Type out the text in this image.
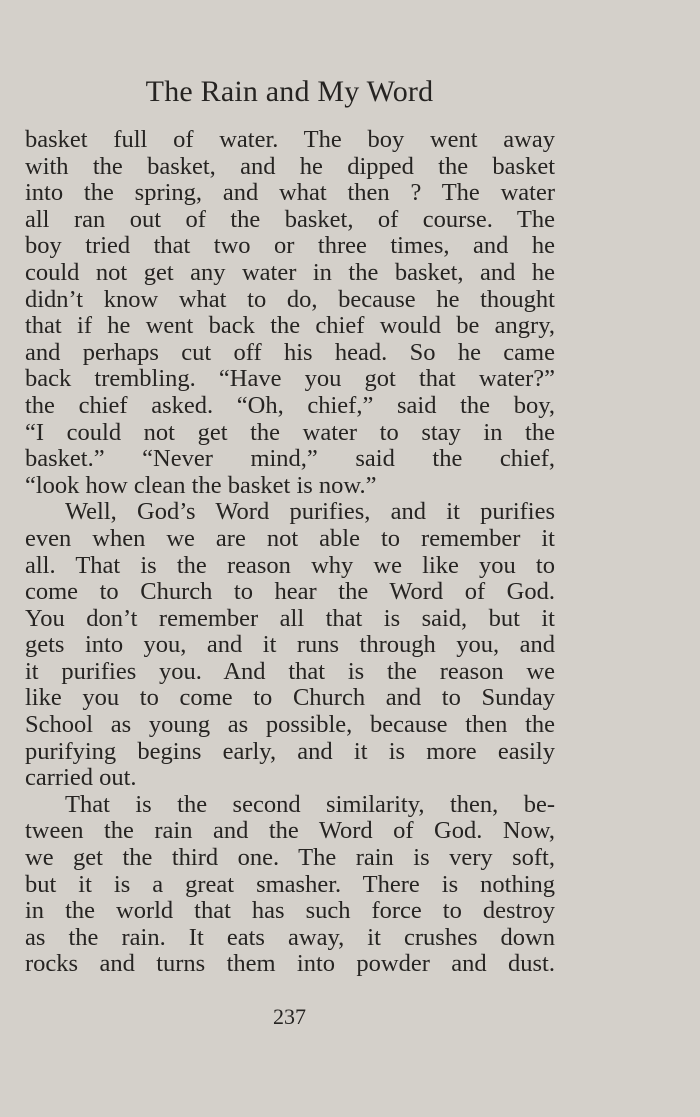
The Rain and My Word
basket full of water. The boy went away
with the basket, and he dipped the basket
into the spring, and what then ? The water
all ran out of the basket, of course. The
boy tried that two or three times, and he
could not get any water in the basket, and he
didn’t know what to do, because he thought
that if he went back the chief would be angry,
and perhaps cut off his head. So he came
back trembling. “Have you got that water?”
the chief asked. “Oh, chief,” said the boy,
“I could not get the water to stay in the
basket.” “Never mind,” said the chief,
“look how clean the basket is now.”
Well, God’s Word purifies, and it purifies
even when we are not able to remember it
all. That is the reason why we like you to
come to Church to hear the Word of God.
You don’t remember all that is said, but it
gets into you, and it runs through you, and
it purifies you. And that is the reason we
like you to come to Church and to Sunday
School as young as possible, because then the
purifying begins early, and it is more easily
carried out.
That is the second similarity, then, be-
tween the rain and the Word of God. Now,
we get the third one. The rain is very soft,
but it is a great smasher. There is nothing
in the world that has such force to destroy
as the rain. It eats away, it crushes down
rocks and turns them into powder and dust.
237
